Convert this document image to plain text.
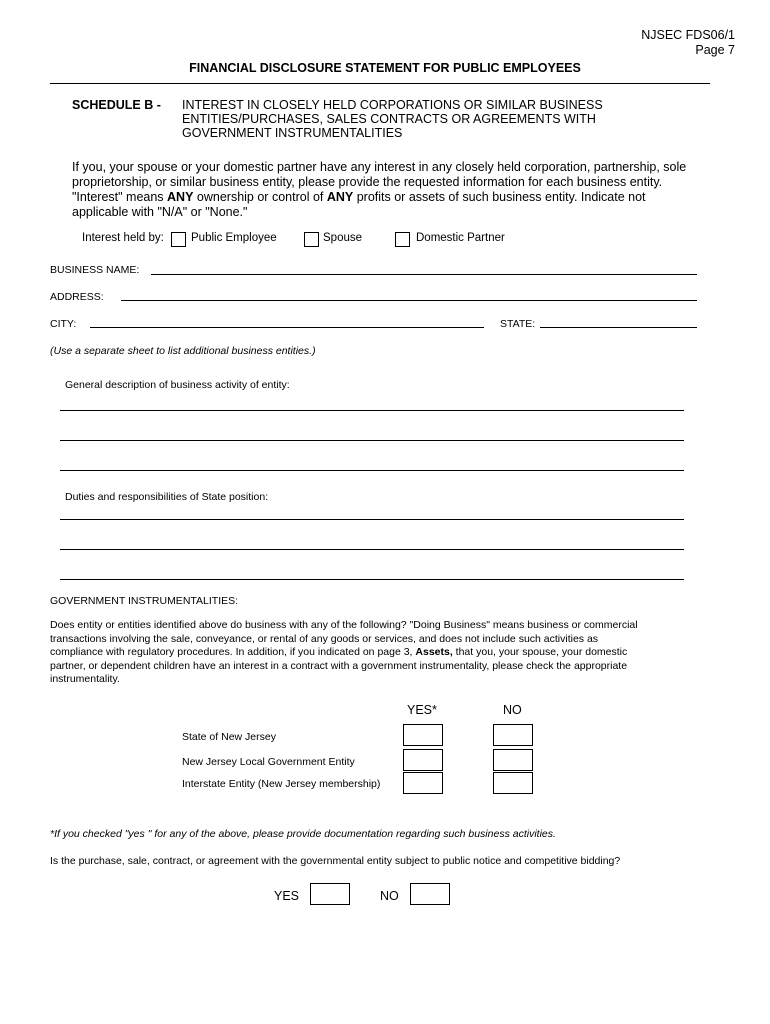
NJSEC FDS06/1
Page 7
FINANCIAL DISCLOSURE STATEMENT FOR PUBLIC EMPLOYEES
SCHEDULE B - INTEREST IN CLOSELY HELD CORPORATIONS OR SIMILAR BUSINESS
ENTITIES/PURCHASES, SALES CONTRACTS OR AGREEMENTS WITH
GOVERNMENT INSTRUMENTALITIES
If you, your spouse or your domestic partner have any interest in any closely held corporation, partnership, sole
proprietorship, or similar business entity, please provide the requested information for each business entity.
"Interest" means ANY ownership or control of ANY profits or assets of such business entity. Indicate not
applicable with "N/A" or "None."
Interest held by: Public Employee	Spouse	Domestic Partner
BUSINESS NAME:
ADDRESS:
CITY:	STATE:
(Use a separate sheet to list additional business entities.)
General description of business activity of entity:
Duties and responsibilities of State position:
GOVERNMENT INSTRUMENTALITIES:
Does entity or entities identified above do business with any of the following? "Doing Business" means business or commercial
transactions involving the sale, conveyance, or rental of any goods or services, and does not include such activities as
compliance with regulatory procedures. In addition, if you indicated on page 3, Assets, that you, your spouse, your domestic
partner, or dependent children have an interest in a contract with a government instrumentality, please check the appropriate
instrumentality.
YES*	NO
State of New Jersey
New Jersey Local Government Entity
Interstate Entity (New Jersey membership)
*If you checked "yes " for any of the above, please provide documentation regarding such business activities.
Is the purchase, sale, contract, or agreement with the governmental entity subject to public notice and competitive bidding?
YES	NO
